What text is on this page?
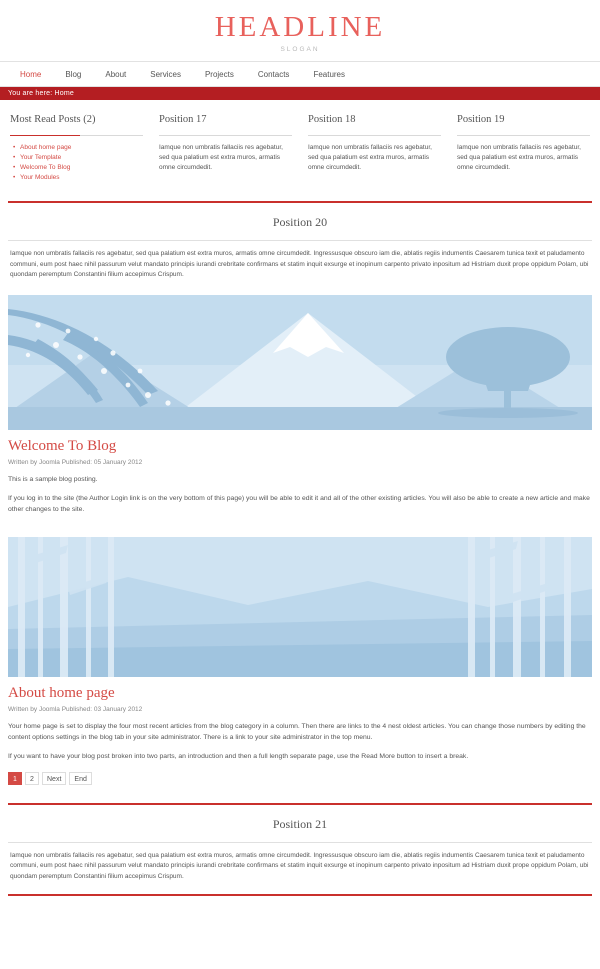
HEADLINE
SLOGAN
Home	Blog	About	Services	Projects	Contacts	Features
You are here: Home
Most Read Posts (2)
• About home page
• Your Template
• Welcome To Blog
• Your Modules
Position 17

Iamque non umbratis fallaciis res agebatur, sed qua palatium est extra muros, armatis omne circumdedit.

Position 18

Iamque non umbratis fallaciis res agebatur, sed qua palatium est extra muros, armatis omne circumdedit.

Position 19

Iamque non umbratis fallaciis res agebatur, sed qua palatium est extra muros, armatis omne circumdedit.

Position 20

Iamque non umbratis fallaciis res agebatur, sed qua palatium est extra muros, armatis omne circumdedit. Ingressusque obscuro iam die, ablatis regiis indumentis Caesarem tunica texit et paludamento communi, eum post haec nihil passurum velut mandato principis iurandi crebritate confirmans et statim inquit exsurge et inopinum carpento privato inpositum ad Histriam duxit prope oppidum Polam, ubi quondam peremptum Constantini filium accepimus Crispum.

Welcome To Blog
Written by Joomla Published: 05 January 2012

This is a sample blog posting.

If you log in to the site (the Author Login link is on the very bottom of this page) you will be able to edit it and all of the other existing articles. You will also be able to create a new article and make other changes to the site.

About home page
Written by Joomla Published: 03 January 2012

Your home page is set to display the four most recent articles from the blog category in a column. Then there are links to the 4 nest oldest articles. You can change those numbers by editing the content options settings in the blog tab in your site administrator. There is a link to your site administrator in the top menu.

If you want to have your blog post broken into two parts, an introduction and then a full length separate page, use the Read More button to insert a break.

1	2	Next	End
Position 21

Iamque non umbratis fallaciis res agebatur, sed qua palatium est extra muros, armatis omne circumdedit. Ingressusque obscuro iam die, ablatis regiis indumentis Caesarem tunica texit et paludamento communi, eum post haec nihil passurum velut mandato principis iurandi crebritate confirmans et statim inquit exsurge et inopinum carpento privato inpositum ad Histriam duxit prope oppidum Polam, ubi quondam peremptum Constantini filium accepimus Crispum.
